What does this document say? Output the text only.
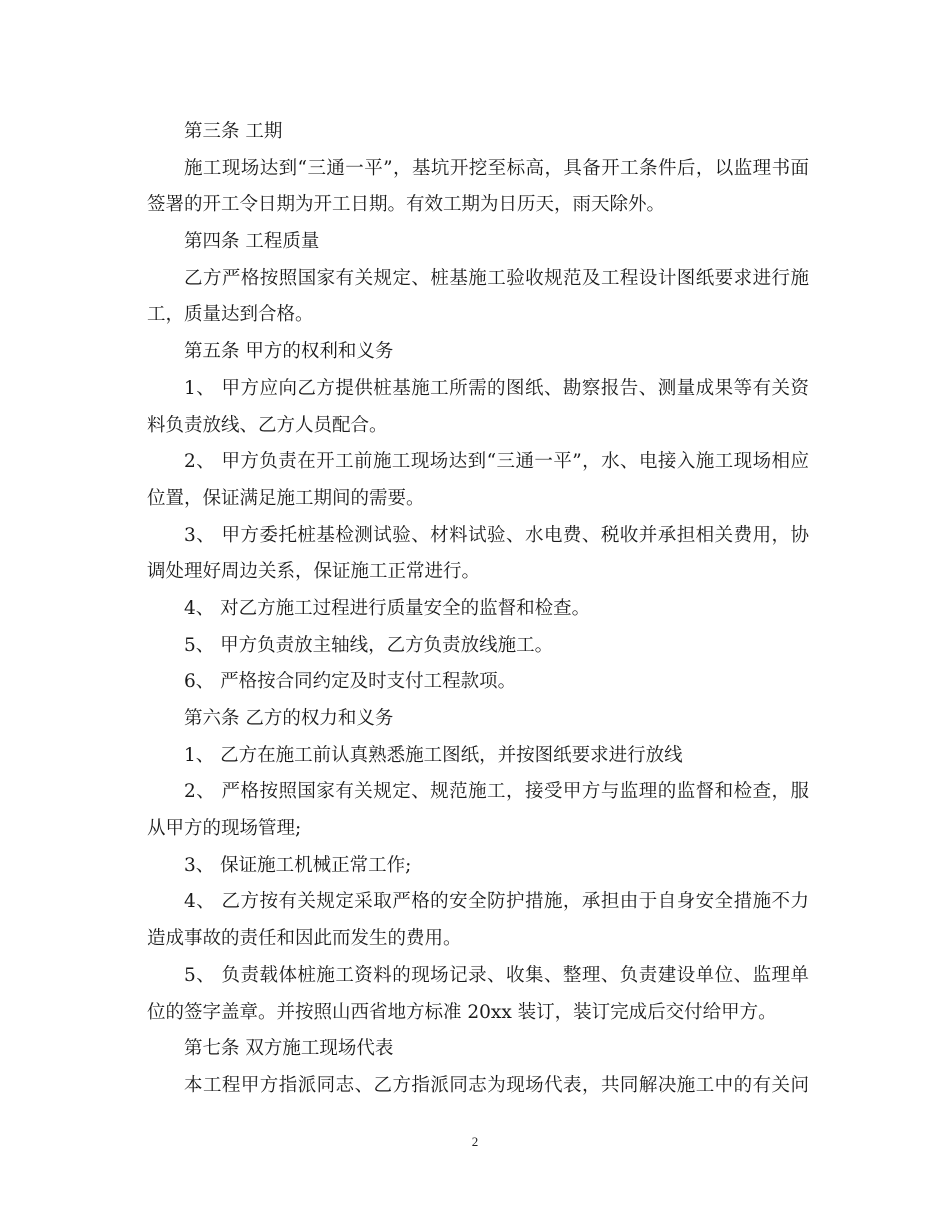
第三条 工期
施工现场达到“三通一平”，基坑开挖至标高，具备开工条件后，以监理书面
签署的开工令日期为开工日期。有效工期为日历天，雨天除外。
第四条 工程质量
乙方严格按照国家有关规定、桩基施工验收规范及工程设计图纸要求进行施
工，质量达到合格。
第五条 甲方的权利和义务
1、 甲方应向乙方提供桩基施工所需的图纸、勘察报告、测量成果等有关资
料负责放线、乙方人员配合。
2、 甲方负责在开工前施工现场达到“三通一平”，水、电接入施工现场相应
位置，保证满足施工期间的需要。
3、 甲方委托桩基检测试验、材料试验、水电费、税收并承担相关费用，协
调处理好周边关系，保证施工正常进行。
4、 对乙方施工过程进行质量安全的监督和检查。
5、 甲方负责放主轴线，乙方负责放线施工。
6、 严格按合同约定及时支付工程款项。
第六条 乙方的权力和义务
1、 乙方在施工前认真熟悉施工图纸，并按图纸要求进行放线
2、 严格按照国家有关规定、规范施工，接受甲方与监理的监督和检查，服
从甲方的现场管理;
3、 保证施工机械正常工作;
4、 乙方按有关规定采取严格的安全防护措施，承担由于自身安全措施不力
造成事故的责任和因此而发生的费用。
5、 负责载体桩施工资料的现场记录、收集、整理、负责建设单位、监理单
位的签字盖章。并按照山西省地方标准 20xx 装订，装订完成后交付给甲方。
第七条 双方施工现场代表
本工程甲方指派同志、乙方指派同志为现场代表，共同解决施工中的有关问
2
